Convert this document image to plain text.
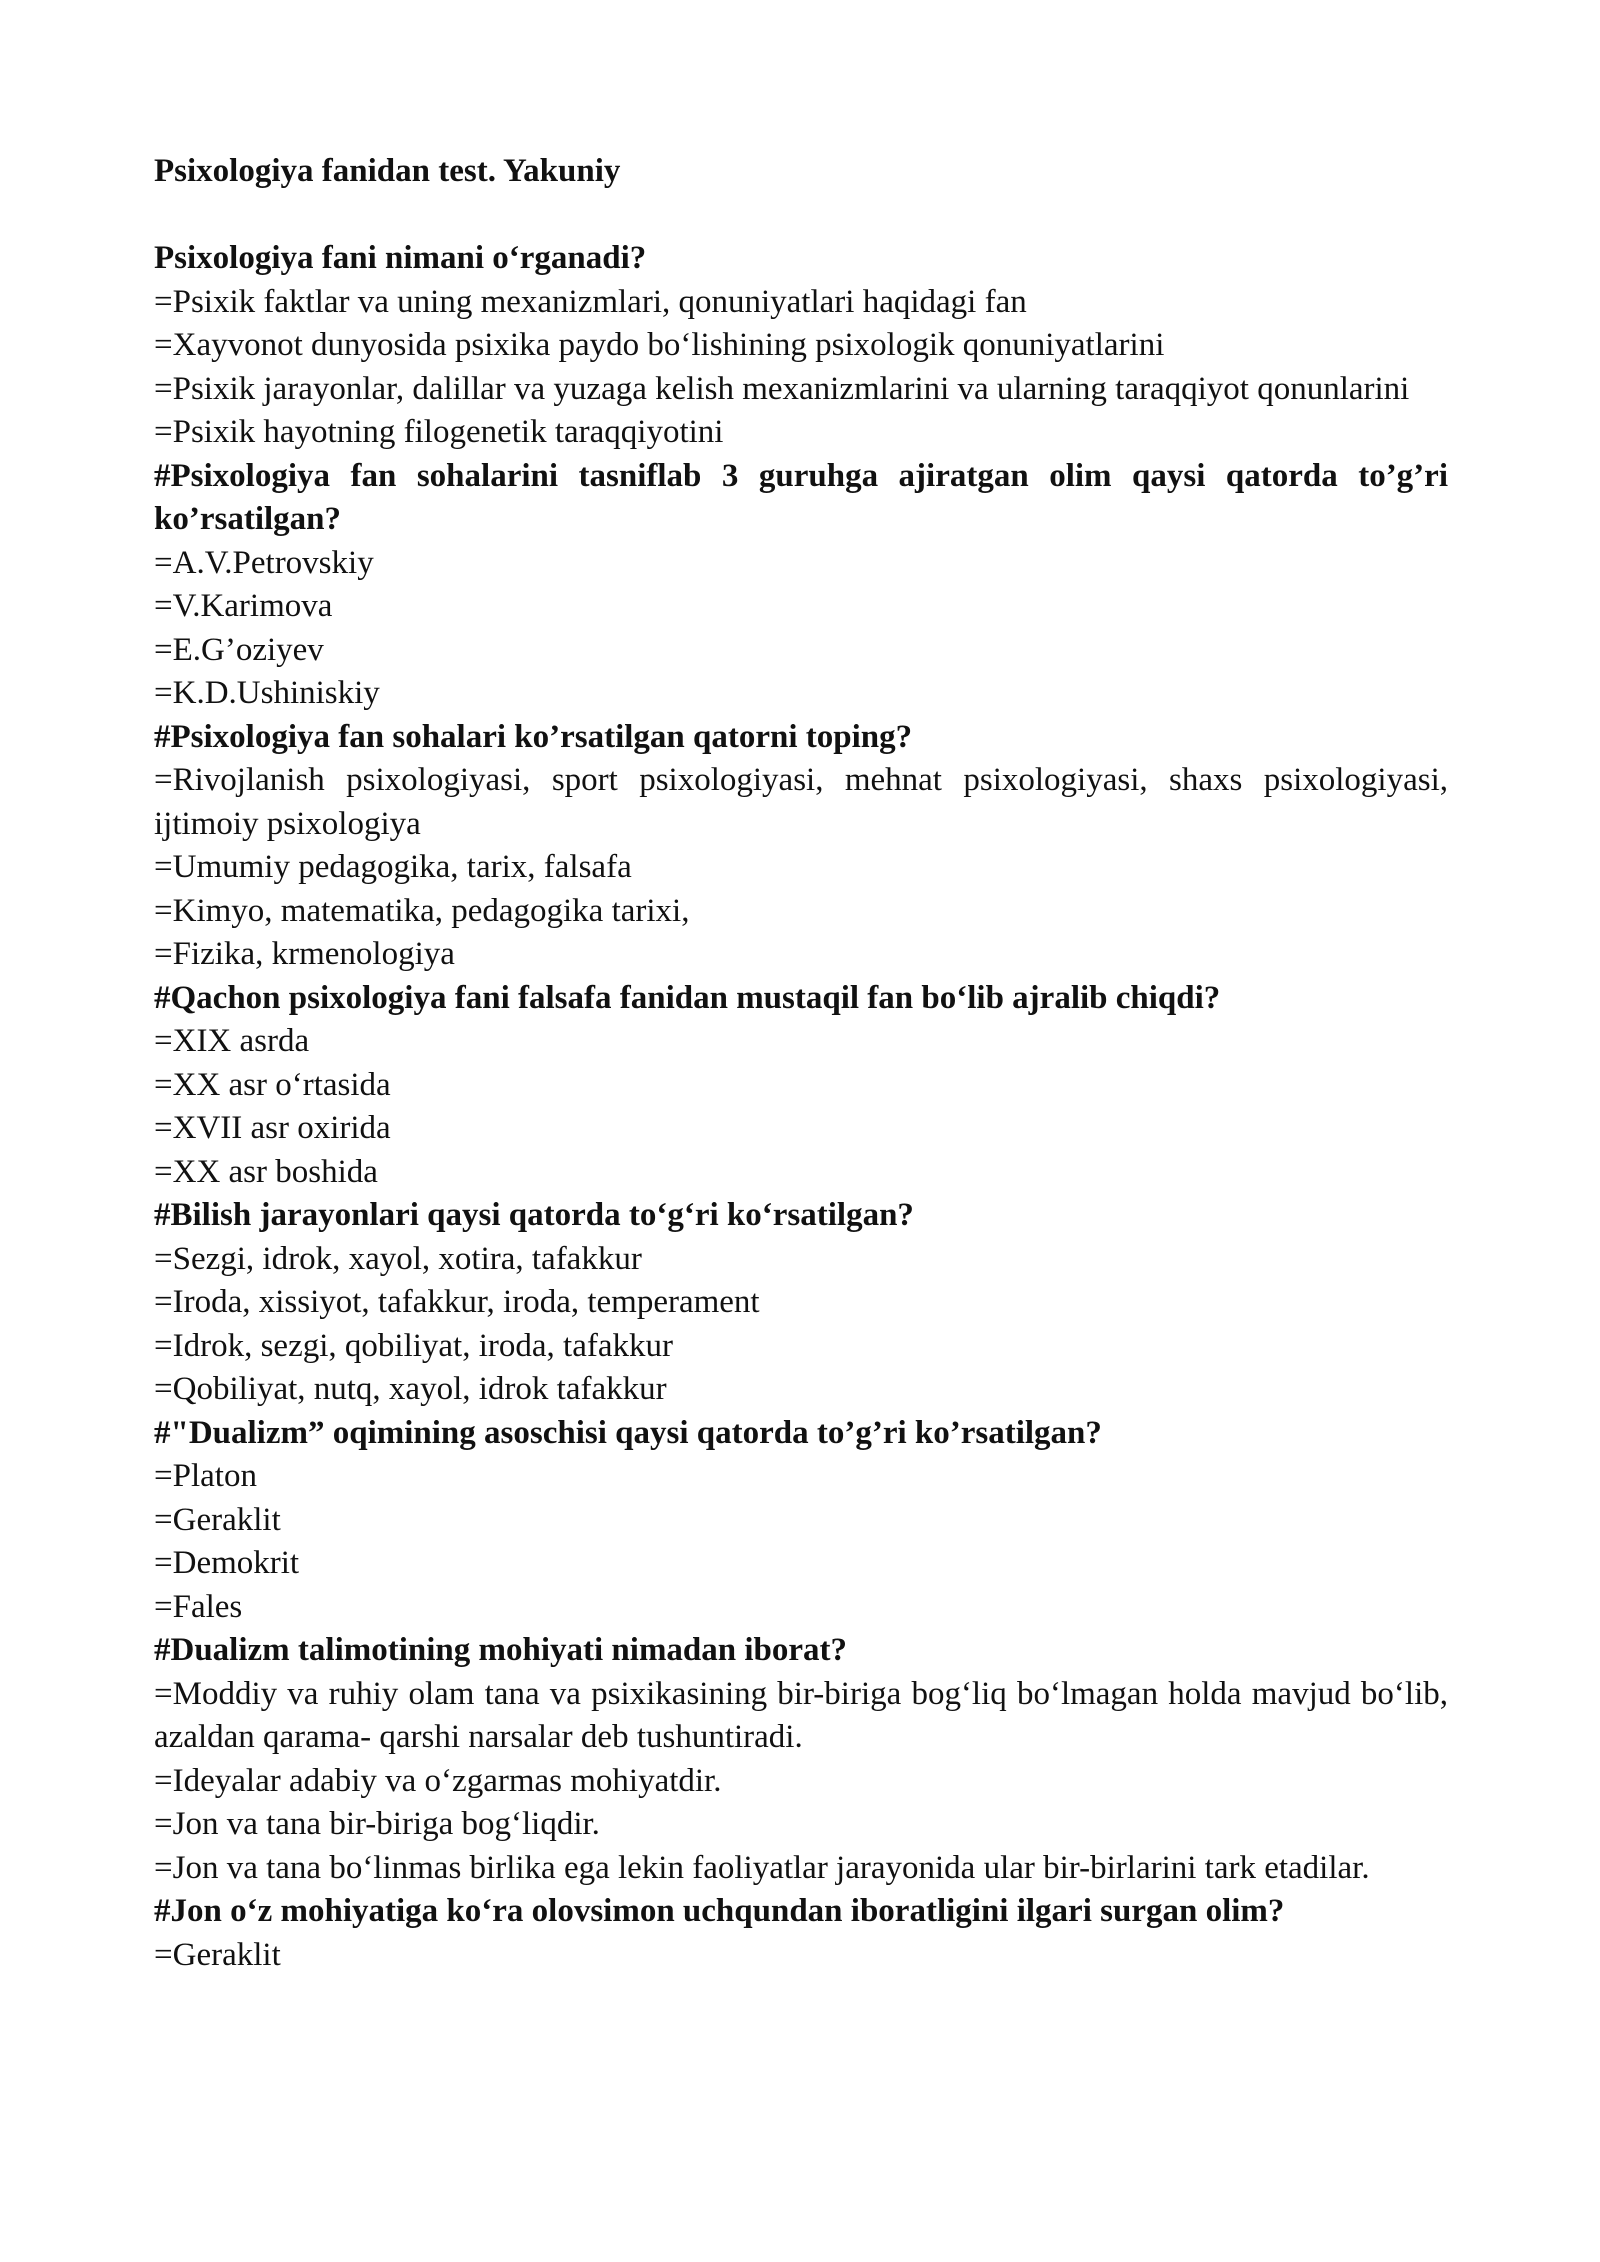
Psixologiya fanidan test. Yakuniy

Psixologiya fani nimani o‘rganadi?

=Psixik faktlar va uning mexanizmlari, qonuniyatlari haqidagi fan

=Xayvonot dunyosida psixika paydo bo‘lishining psixologik qonuniyatlarini

=Psixik jarayonlar, dalillar va yuzaga kelish mexanizmlarini va ularning taraqqiyot qonunlarini

=Psixik hayotning filogenetik taraqqiyotini

#Psixologiya fan sohalarini tasniflab 3 guruhga ajiratgan olim qaysi qatorda to’g’ri ko’rsatilgan?

=A.V.Petrovskiy

=V.Karimova

=E.G’oziyev

=K.D.Ushiniskiy

#Psixologiya fan sohalari ko’rsatilgan qatorni toping?

=Rivojlanish psixologiyasi, sport psixologiyasi, mehnat psixologiyasi, shaxs psixologiyasi, ijtimoiy psixologiya

=Umumiy pedagogika, tarix, falsafa

=Kimyo, matematika, pedagogika tarixi,

=Fizika, krmenologiya

#Qachon psixologiya fani falsafa fanidan mustaqil fan bo‘lib ajralib chiqdi?

=XIX asrda

=XX asr o‘rtasida

=XVII asr oxirida

=XX asr boshida

#Bilish jarayonlari qaysi qatorda to‘g‘ri ko‘rsatilgan?

=Sezgi, idrok, xayol, xotira, tafakkur

=Iroda, xissiyot, tafakkur, iroda, temperament

=Idrok, sezgi, qobiliyat, iroda, tafakkur

=Qobiliyat, nutq, xayol, idrok tafakkur

#"Dualizm” oqimining asoschisi qaysi qatorda to’g’ri ko’rsatilgan?

=Platon

=Geraklit

=Demokrit

=Fales

#Dualizm talimotining mohiyati nimadan iborat?

=Moddiy va ruhiy olam tana va psixikasining bir-biriga bog‘liq bo‘lmagan holda mavjud bo‘lib, azaldan qarama- qarshi narsalar deb tushuntiradi.

=Ideyalar adabiy va o‘zgarmas mohiyatdir.

=Jon va tana bir-biriga bog‘liqdir.

=Jon va tana bo‘linmas birlika ega lekin faoliyatlar jarayonida ular bir-birlarini tark etadilar.

#Jon o‘z mohiyatiga ko‘ra olovsimon uchqundan iboratligini ilgari surgan olim?

=Geraklit
